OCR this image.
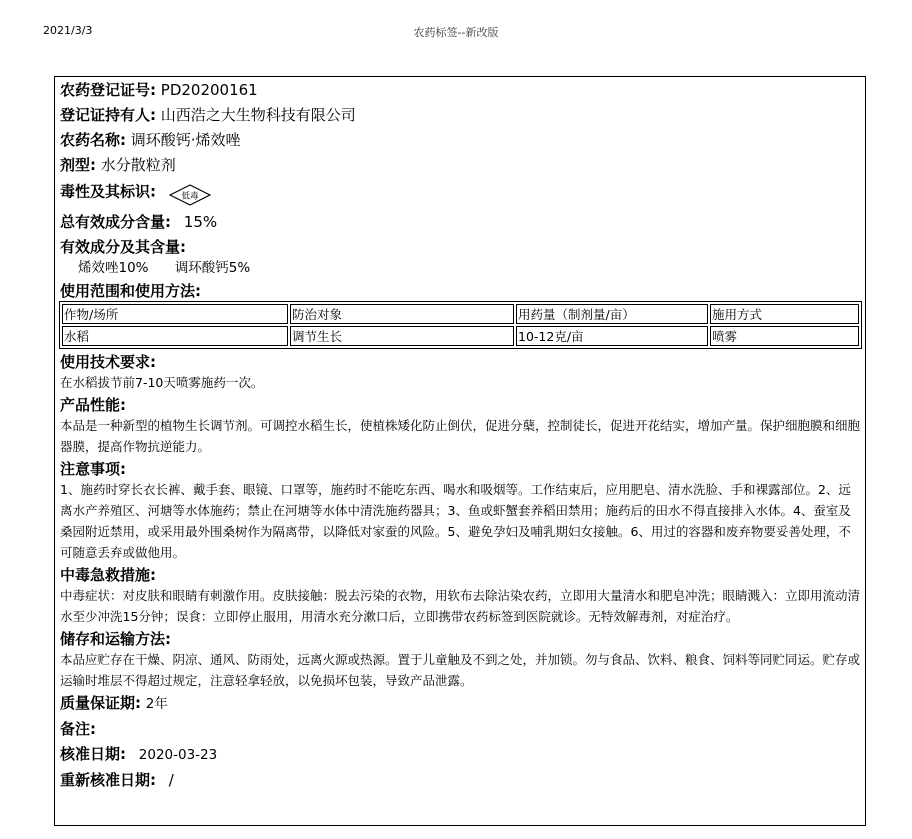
2021/3/3	农药标签--新改版
农药登记证号: PD20200161
登记证持有人: 山西浩之大生物科技有限公司
农药名称: 调环酸钙·烯效唑
剂型: 水分散粒剂
毒性及其标识:	低毒
总有效成分含量: 15%
有效成分及其含量:
烯效唑10% 调环酸钙5%
使用范围和使用方法:
作物/场所	防治对象	用药量（制剂量/亩）	施用方式
水稻	调节生长	10-12克/亩	喷雾
使用技术要求:
在水稻拔节前7-10天喷雾施药一次。
产品性能:
本品是一种新型的植物生长调节剂。可调控水稻生长，使植株矮化防止倒伏，促进分蘖，控制徒长，促进开花结实，增加产量。保护细胞膜和细胞器膜，提高作物抗逆能力。
注意事项:
1、施药时穿长衣长裤、戴手套、眼镜、口罩等，施药时不能吃东西、喝水和吸烟等。工作结束后，应用肥皂、清水洗脸、手和裸露部位。2、远离水产养殖区、河塘等水体施药；禁止在河塘等水体中清洗施药器具；3、鱼或虾蟹套养稻田禁用；施药后的田水不得直接排入水体。4、蚕室及桑园附近禁用，或采用最外围桑树作为隔离带，以降低对家蚕的风险。5、避免孕妇及哺乳期妇女接触。6、用过的容器和废弃物要妥善处理，不可随意丢弃或做他用。
中毒急救措施:
中毒症状：对皮肤和眼睛有刺激作用。皮肤接触：脱去污染的衣物，用软布去除沾染农药，立即用大量清水和肥皂冲洗；眼睛溅入：立即用流动清水至少冲洗15分钟；误食：立即停止服用，用清水充分漱口后，立即携带农药标签到医院就诊。无特效解毒剂，对症治疗。
储存和运输方法:
本品应贮存在干燥、阴凉、通风、防雨处，远离火源或热源。置于儿童触及不到之处，并加锁。勿与食品、饮料、粮食、饲料等同贮同运。贮存或运输时堆层不得超过规定，注意轻拿轻放，以免损坏包装，导致产品泄露。
质量保证期: 2年
备注:
核准日期: 2020-03-23
重新核准日期: /
